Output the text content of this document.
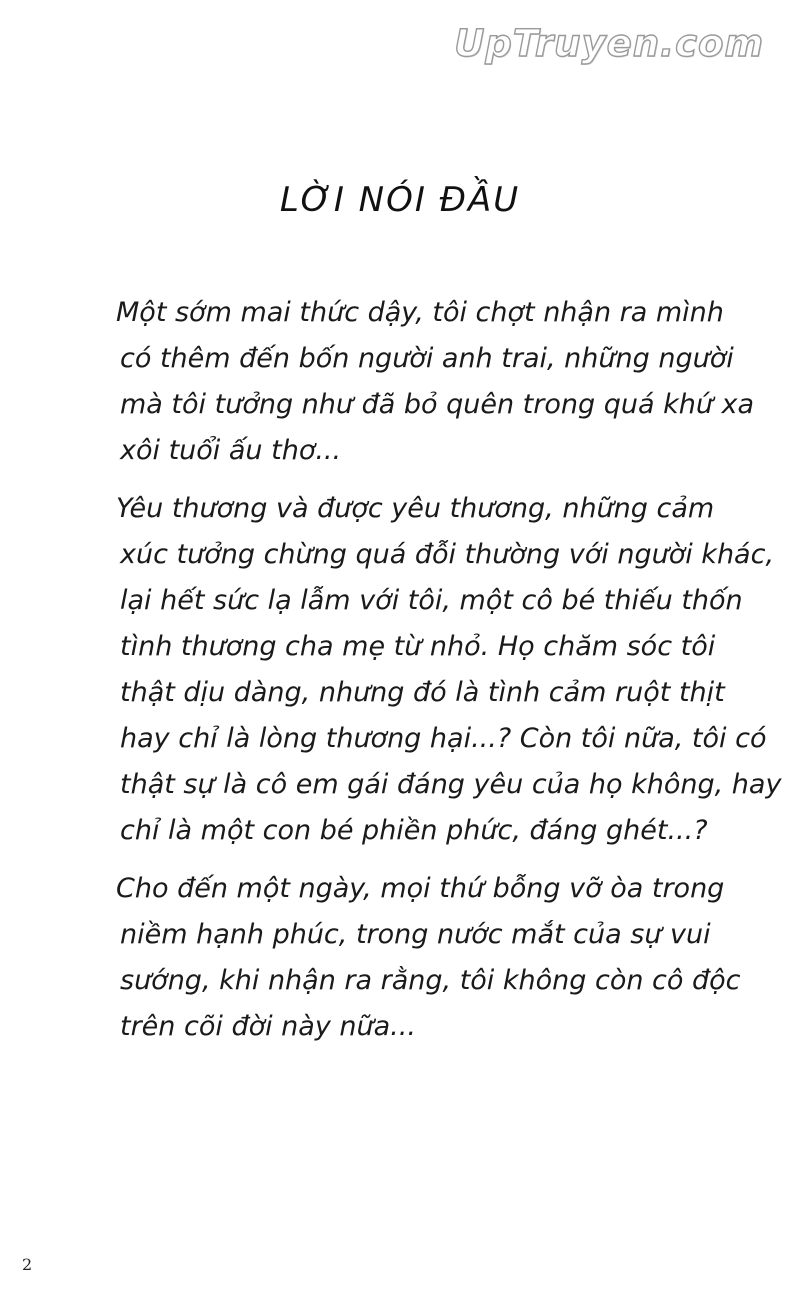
UpTruyen.com
LỜI NÓI ĐẦU
Một sớm mai thức dậy, tôi chợt nhận ra mình
có thêm đến bốn người anh trai, những người
mà tôi tưởng như đã bỏ quên trong quá khứ xa
xôi tuổi ấu thơ...
Yêu thương và được yêu thương, những cảm
xúc tưởng chừng quá đỗi thường với người khác,
lại hết sức lạ lẫm với tôi, một cô bé thiếu thốn
tình thương cha mẹ từ nhỏ. Họ chăm sóc tôi
thật dịu dàng, nhưng đó là tình cảm ruột thịt
hay chỉ là lòng thương hại...? Còn tôi nữa, tôi có
thật sự là cô em gái đáng yêu của họ không, hay
chỉ là một con bé phiền phức, đáng ghét...?
Cho đến một ngày, mọi thứ bỗng vỡ òa trong
niềm hạnh phúc, trong nước mắt của sự vui
sướng, khi nhận ra rằng, tôi không còn cô độc
trên cõi đời này nữa...
2
